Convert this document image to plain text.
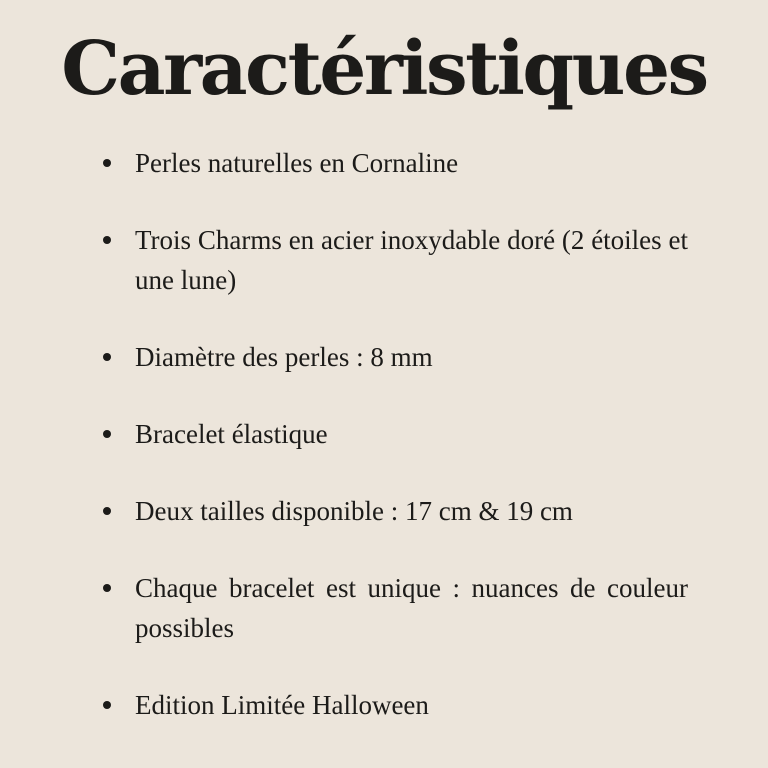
Caractéristiques
Perles naturelles en Cornaline
Trois Charms en acier inoxydable doré (2 étoiles et une lune)
Diamètre des perles : 8 mm
Bracelet élastique
Deux tailles disponible : 17 cm & 19 cm
Chaque bracelet est unique : nuances de couleur possibles
Edition Limitée Halloween
